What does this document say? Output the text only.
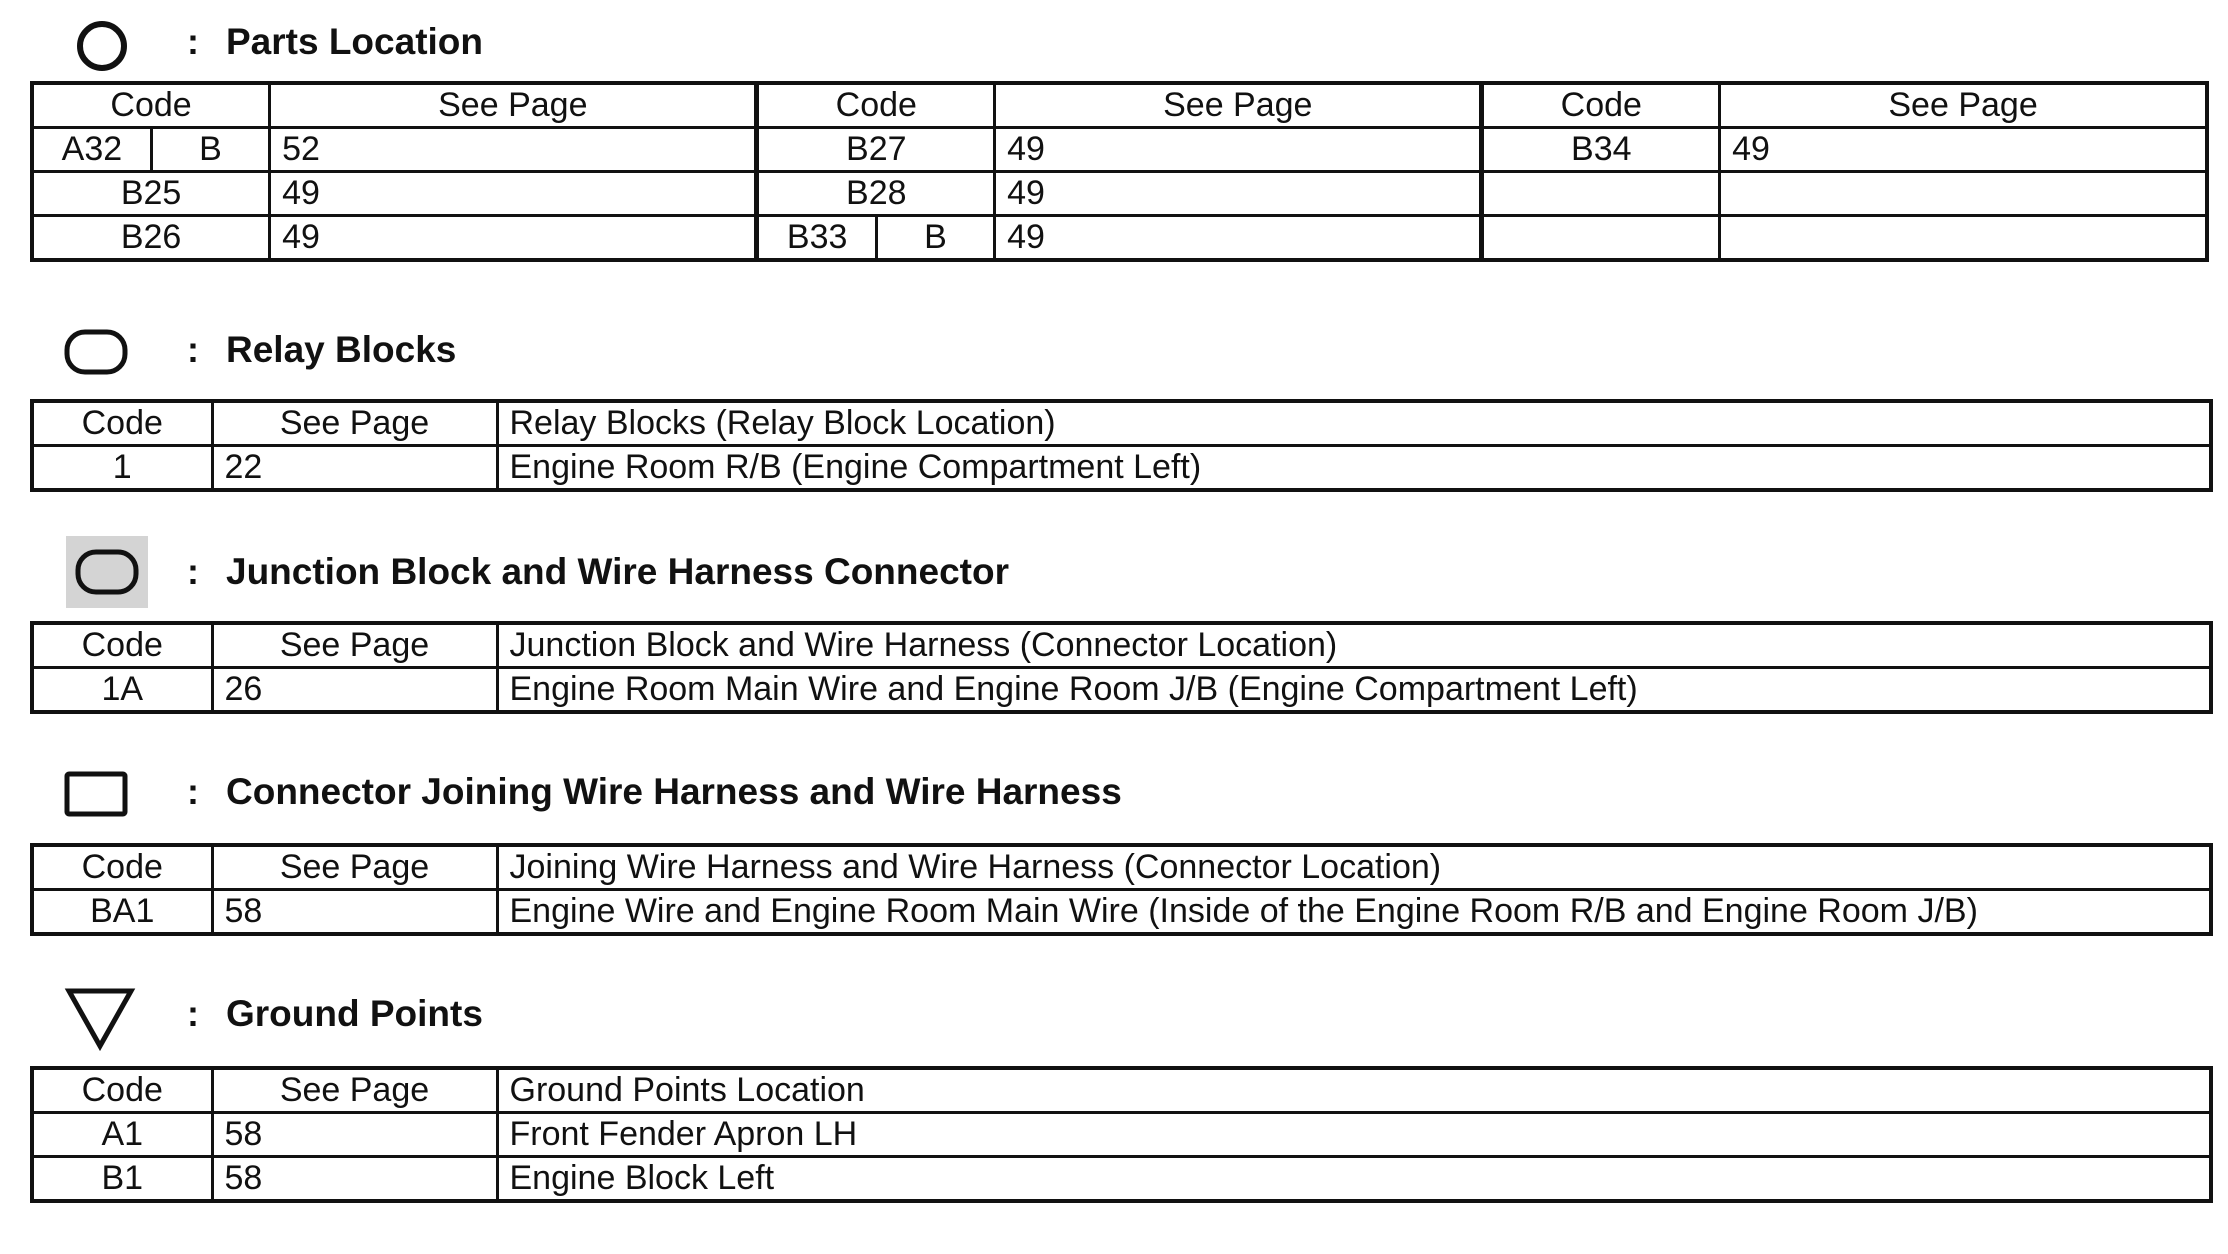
: Parts Location
Code		See Page	Code		See Page	Code	See Page
A32	B	52	B27		49	B34	49
B25		49	B28		49		
B26		49	B33	B	49		
: Relay Blocks
Code	See Page	Relay Blocks (Relay Block Location)
1	22	Engine Room R/B (Engine Compartment Left)
: Junction Block and Wire Harness Connector
Code	See Page	Junction Block and Wire Harness (Connector Location)
1A	26	Engine Room Main Wire and Engine Room J/B (Engine Compartment Left)
: Connector Joining Wire Harness and Wire Harness
Code	See Page	Joining Wire Harness and Wire Harness (Connector Location)
BA1	58	Engine Wire and Engine Room Main Wire (Inside of the Engine Room R/B and Engine Room J/B)
: Ground Points
Code	See Page	Ground Points Location
A1	58	Front Fender Apron LH
B1	58	Engine Block Left
